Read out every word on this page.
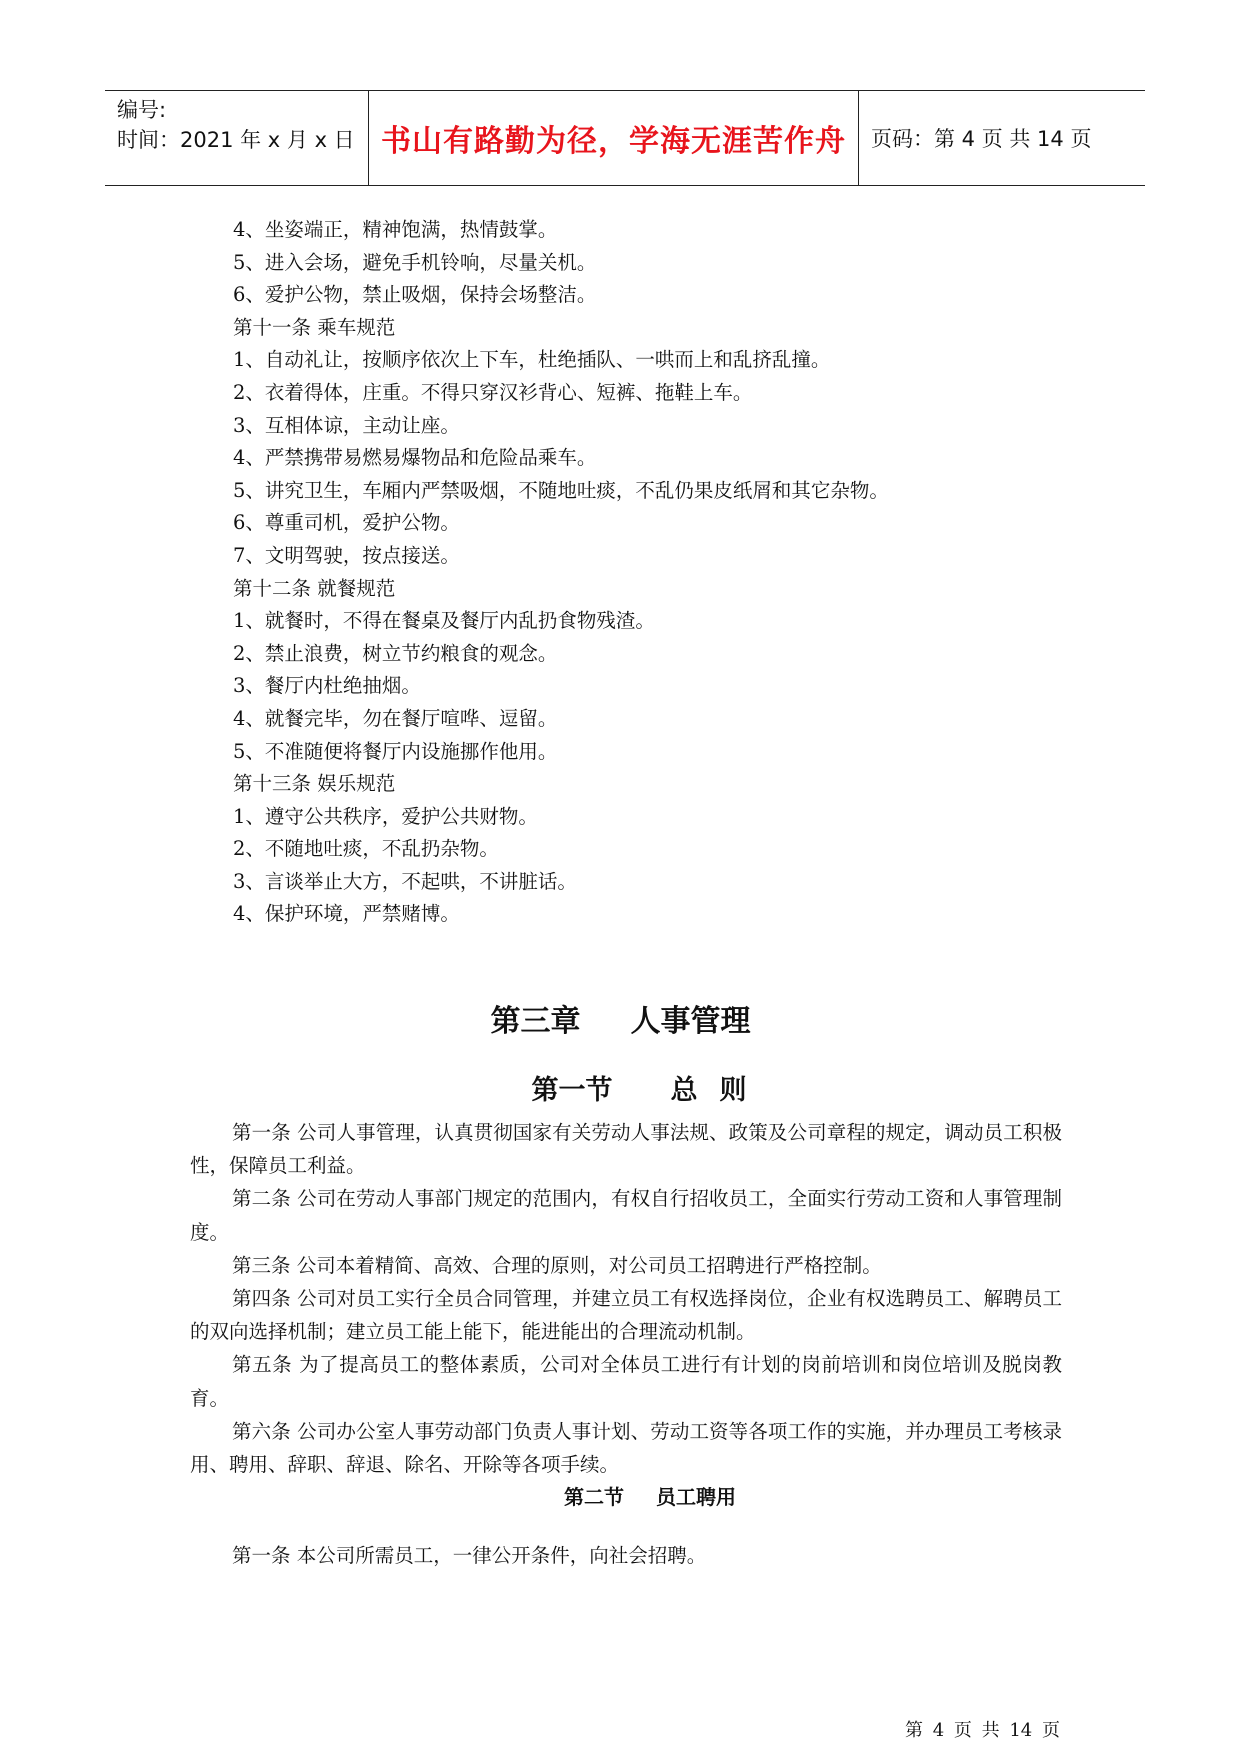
编号:
时间：2021 年 x 月 x 日 书山有路勤为径，学海无涯苦作舟	页码：第 4 页 共 14 页
4、坐姿端正，精神饱满，热情鼓掌。
5、进入会场，避免手机铃响，尽量关机。
6、爱护公物，禁止吸烟，保持会场整洁。
第十一条 乘车规范
1、自动礼让，按顺序依次上下车，杜绝插队、一哄而上和乱挤乱撞。
2、衣着得体，庄重。不得只穿汉衫背心、短裤、拖鞋上车。
3、互相体谅，主动让座。
4、严禁携带易燃易爆物品和危险品乘车。
5、讲究卫生，车厢内严禁吸烟，不随地吐痰，不乱仍果皮纸屑和其它杂物。
6、尊重司机，爱护公物。
7、文明驾驶，按点接送。
第十二条 就餐规范
1、就餐时，不得在餐桌及餐厅内乱扔食物残渣。
2、禁止浪费，树立节约粮食的观念。
3、餐厅内杜绝抽烟。
4、就餐完毕，勿在餐厅喧哗、逗留。
5、不准随便将餐厅内设施挪作他用。
第十三条 娱乐规范
1、遵守公共秩序，爱护公共财物。
2、不随地吐痰，不乱扔杂物。
3、言谈举止大方，不起哄，不讲脏话。
4、保护环境，严禁赌博。
第三章 人事管理
第一节 总则
第一条 公司人事管理，认真贯彻国家有关劳动人事法规、政策及公司章程的规定，调动员工积极性，保障员工利益。
第二条 公司在劳动人事部门规定的范围内，有权自行招收员工，全面实行劳动工资和人事管理制度。
第三条 公司本着精简、高效、合理的原则，对公司员工招聘进行严格控制。
第四条 公司对员工实行全员合同管理，并建立员工有权选择岗位，企业有权选聘员工、解聘员工的双向选择机制；建立员工能上能下，能进能出的合理流动机制。
第五条 为了提高员工的整体素质，公司对全体员工进行有计划的岗前培训和岗位培训及脱岗教育。
第六条 公司办公室人事劳动部门负责人事计划、劳动工资等各项工作的实施，并办理员工考核录用、聘用、辞职、辞退、除名、开除等各项手续。
第二节 员工聘用
第一条 本公司所需员工，一律公开条件，向社会招聘。
第 4 页 共 14 页
